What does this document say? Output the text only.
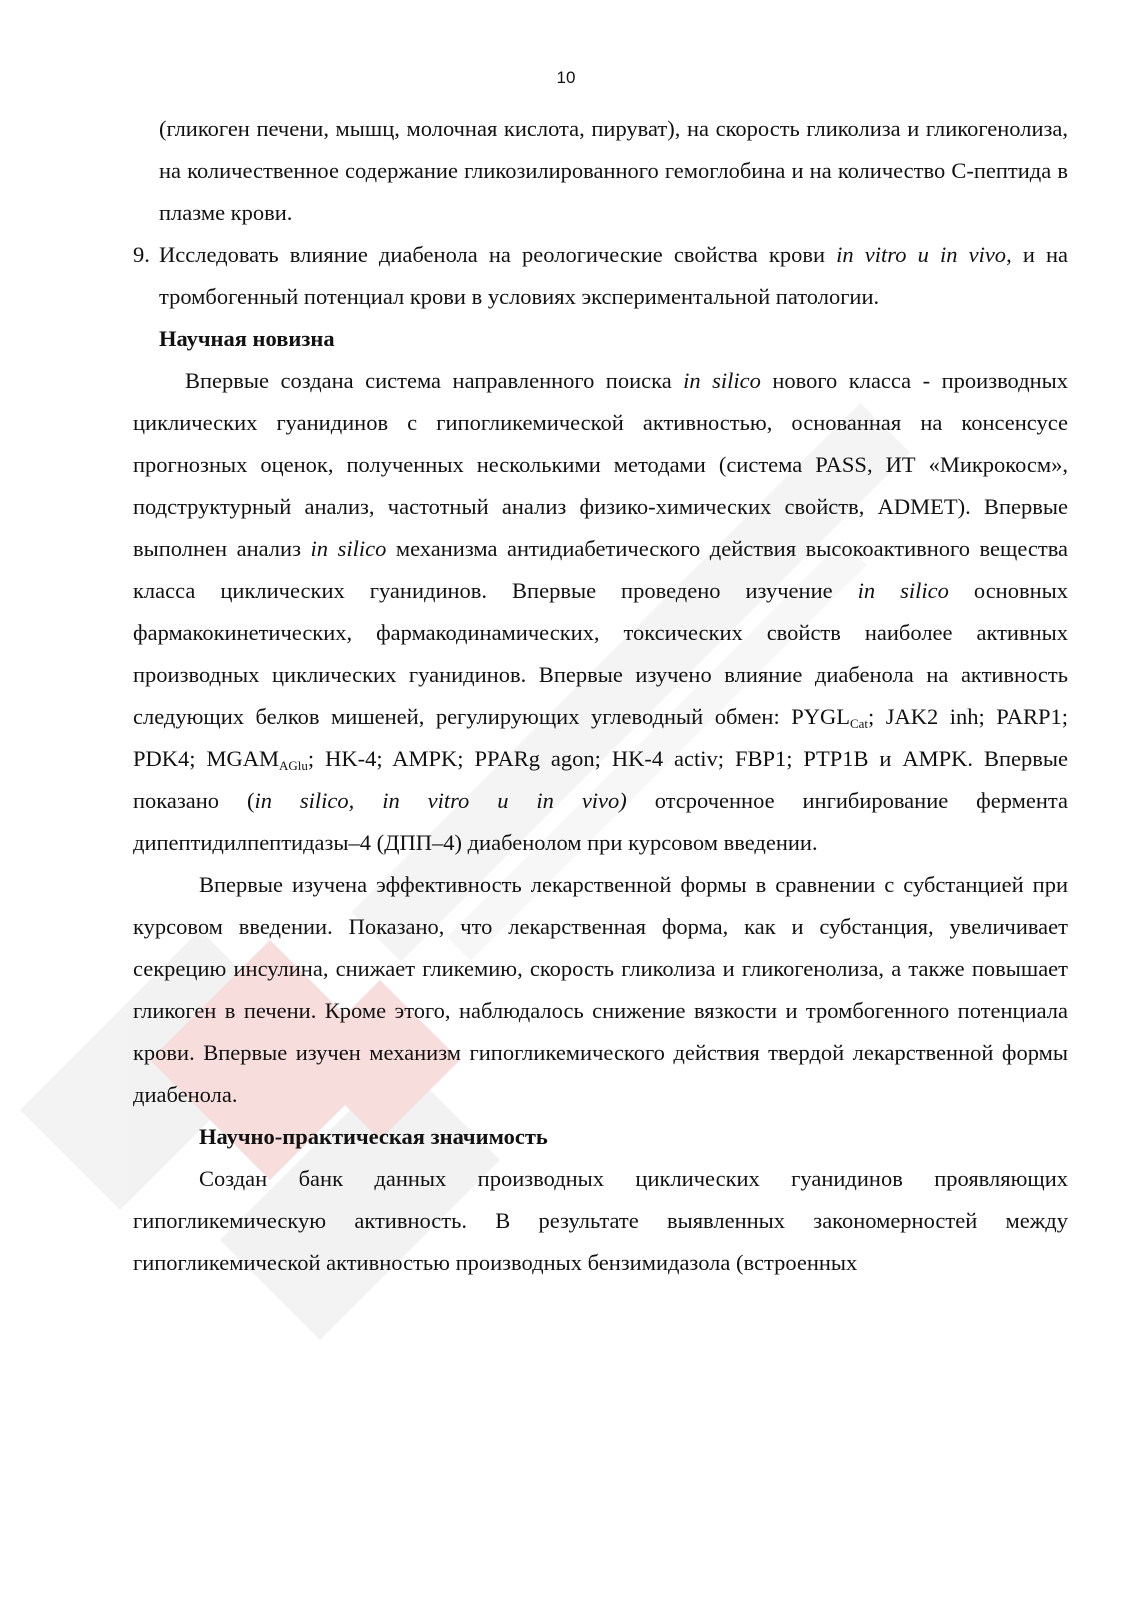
10

(гликоген печени, мышц, молочная кислота, пируват), на скорость гликолиза и гликогенолиза, на количественное содержание гликозилированного гемоглобина и на количество С-пептида в плазме крови.

9. Исследовать влияние диабенола на реологические свойства крови in vitro и in vivo, и на тромбогенный потенциал крови в условиях экспериментальной патологии.

Научная новизна

Впервые создана система направленного поиска in silico нового класса - производных циклических гуанидинов с гипогликемической активностью, основанная на консенсусе прогнозных оценок, полученных несколькими методами (система PASS, ИТ «Микрокосм», подструктурный анализ, частотный анализ физико-химических свойств, ADMET). Впервые выполнен анализ in silico механизма антидиабетического действия высокоактивного вещества класса циклических гуанидинов. Впервые проведено изучение in silico основных фармакокинетических, фармакодинамических, токсических свойств наиболее активных производных циклических гуанидинов. Впервые изучено влияние диабенола на активность следующих белков мишеней, регулирующих углеводный обмен: $PYGL_{Cat}$; JAK2 inh; PARP1; PDK4; $MGAM_{AGlu}$; HK-4; AMPK; PPARg agon; HK-4 activ; FBP1; PTP1B и AMPK. Впервые показано (in silico, in vitro и in vivo) отсроченное ингибирование фермента дипептидилпептидазы–4 (ДПП–4) диабенолом при курсовом введении.

Впервые изучена эффективность лекарственной формы в сравнении с субстанцией при курсовом введении. Показано, что лекарственная форма, как и субстанция, увеличивает секрецию инсулина, снижает гликемию, скорость гликолиза и гликогенолиза, а также повышает гликоген в печени. Кроме этого, наблюдалось снижение вязкости и тромбогенного потенциала крови. Впервые изучен механизм гипогликемического действия твердой лекарственной формы диабенола.

Научно-практическая значимость

Создан банк данных производных циклических гуанидинов проявляющих гипогликемическую активность. В результате выявленных закономерностей между гипогликемической активностью производных бензимидазола (встроенных
